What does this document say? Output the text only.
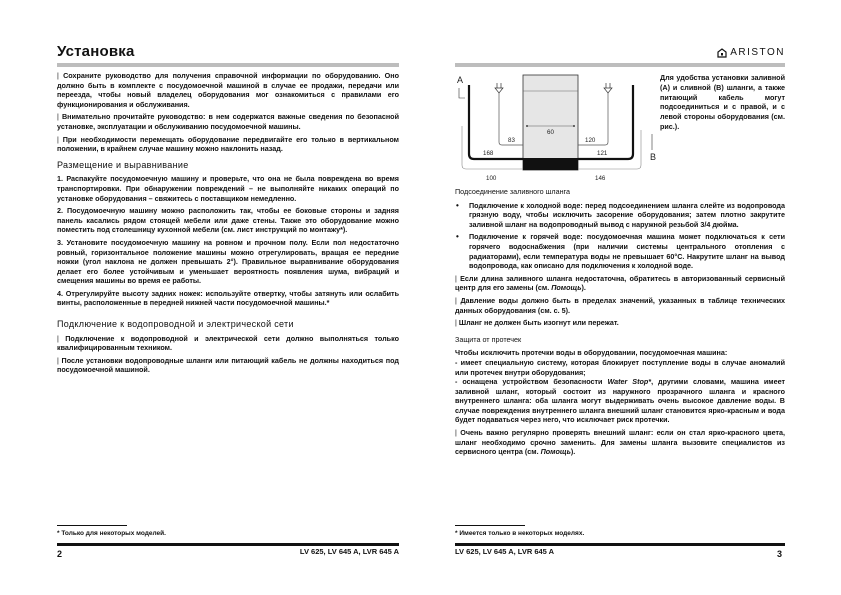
Установка

| Сохраните руководство для получения справочной информации по оборудованию. Оно должно быть в комплекте с посудомоечной машиной в случае ее продажи, передачи или переезда, чтобы новый владелец оборудования мог ознакомиться с правилами его функционирования и обслуживания.

| Внимательно прочитайте руководство: в нем содержатся важные сведения по безопасной установке, эксплуатации и обслуживанию посудомоечной машины.

| При необходимости перемещать оборудование передвигайте его только в вертикальном положении, в крайнем случае машину можно наклонить назад.

Размещение и выравнивание

1. Распакуйте посудомоечную машину и проверьте, что она не была повреждена во время транспортировки. При обнаружении повреждений – не выполняйте никаких операций по установке оборудования – свяжитесь с поставщиком немедленно.

2. Посудомоечную машину можно расположить так, чтобы ее боковые стороны и задняя панель касались рядом стоящей мебели или даже стены. Также это оборудование можно поместить под столешницу кухонной мебели (см. лист инструкций по монтажу*).

3. Установите посудомоечную машину на ровном и прочном полу. Если пол недостаточно ровный, горизонтальное положение машины можно отрегулировать, вращая ее передние ножки (угол наклона не должен превышать 2°). Правильное выравнивание оборудования делает его более устойчивым и уменьшает вероятность появления шума, вибраций и смещения машины во время ее работы.

4. Отрегулируйте высоту задних ножек: используйте отвертку, чтобы затянуть или ослабить винты, расположенные в передней нижней части посудомоечной машины.*

Подключение к водопроводной и электрической сети

| Подключение к водопроводной и электрической сети должно выполняться только квалифицированным техником.

| После установки водопроводные шланги или питающий кабель не должны находиться под посудомоечной машиной.

* Только для некоторых моделей.
2	LV 625, LV 645 A, LVR 645 A
ARISTON
60
83	120
168	121
100	146
A
B
Для удобства установки заливной (A) и сливной (B) шланги, а также питающий кабель могут подсоединиться и с правой, и с левой стороны оборудования (см. рис.).
Подсоединение заливного шланга
• Подключение к холодной воде: перед подсоединением шланга слейте из водопровода грязную воду, чтобы исключить засорение оборудования; затем плотно закрутите заливной шланг на водопроводный вывод с наружной резьбой 3/4 дюйма.
• Подключение к горячей воде: посудомоечная машина может подключаться к сети горячего водоснабжения (при наличии системы центрального отопления с радиаторами), если температура воды не превышает 60°C. Накрутите шланг на вывод водопровода, как описано для подключения к холодной воде.

| Если длина заливного шланга недостаточна, обратитесь в авторизованный сервисный центр для его замены (см. Помощь).

| Давление воды должно быть в пределах значений, указанных в таблице технических данных оборудования (см. с. 5).

| Шланг не должен быть изогнут или пережат.

Защита от протечек

Чтобы исключить протечки воды в оборудовании, посудомоечная машина:

- имеет специальную систему, которая блокирует поступление воды в случае аномалий или протечек внутри оборудования;

- оснащена устройством безопасности Water Stop*, другими словами, машина имеет заливной шланг, который состоит из наружного прозрачного шланга и красного внутреннего шланга: оба шланга могут выдерживать очень высокое давление воды. В случае повреждения внутреннего шланга внешний шланг становится ярко-красным и вода будет подаваться через него, что исключает риск протечки.

| Очень важно регулярно проверять внешний шланг: если он стал ярко-красного цвета, шланг необходимо срочно заменить. Для замены шланга вызовите специалистов из сервисного центра (см. Помощь).

* Имеется только в некоторых моделях.
LV 625, LV 645 A, LVR 645 A	3
